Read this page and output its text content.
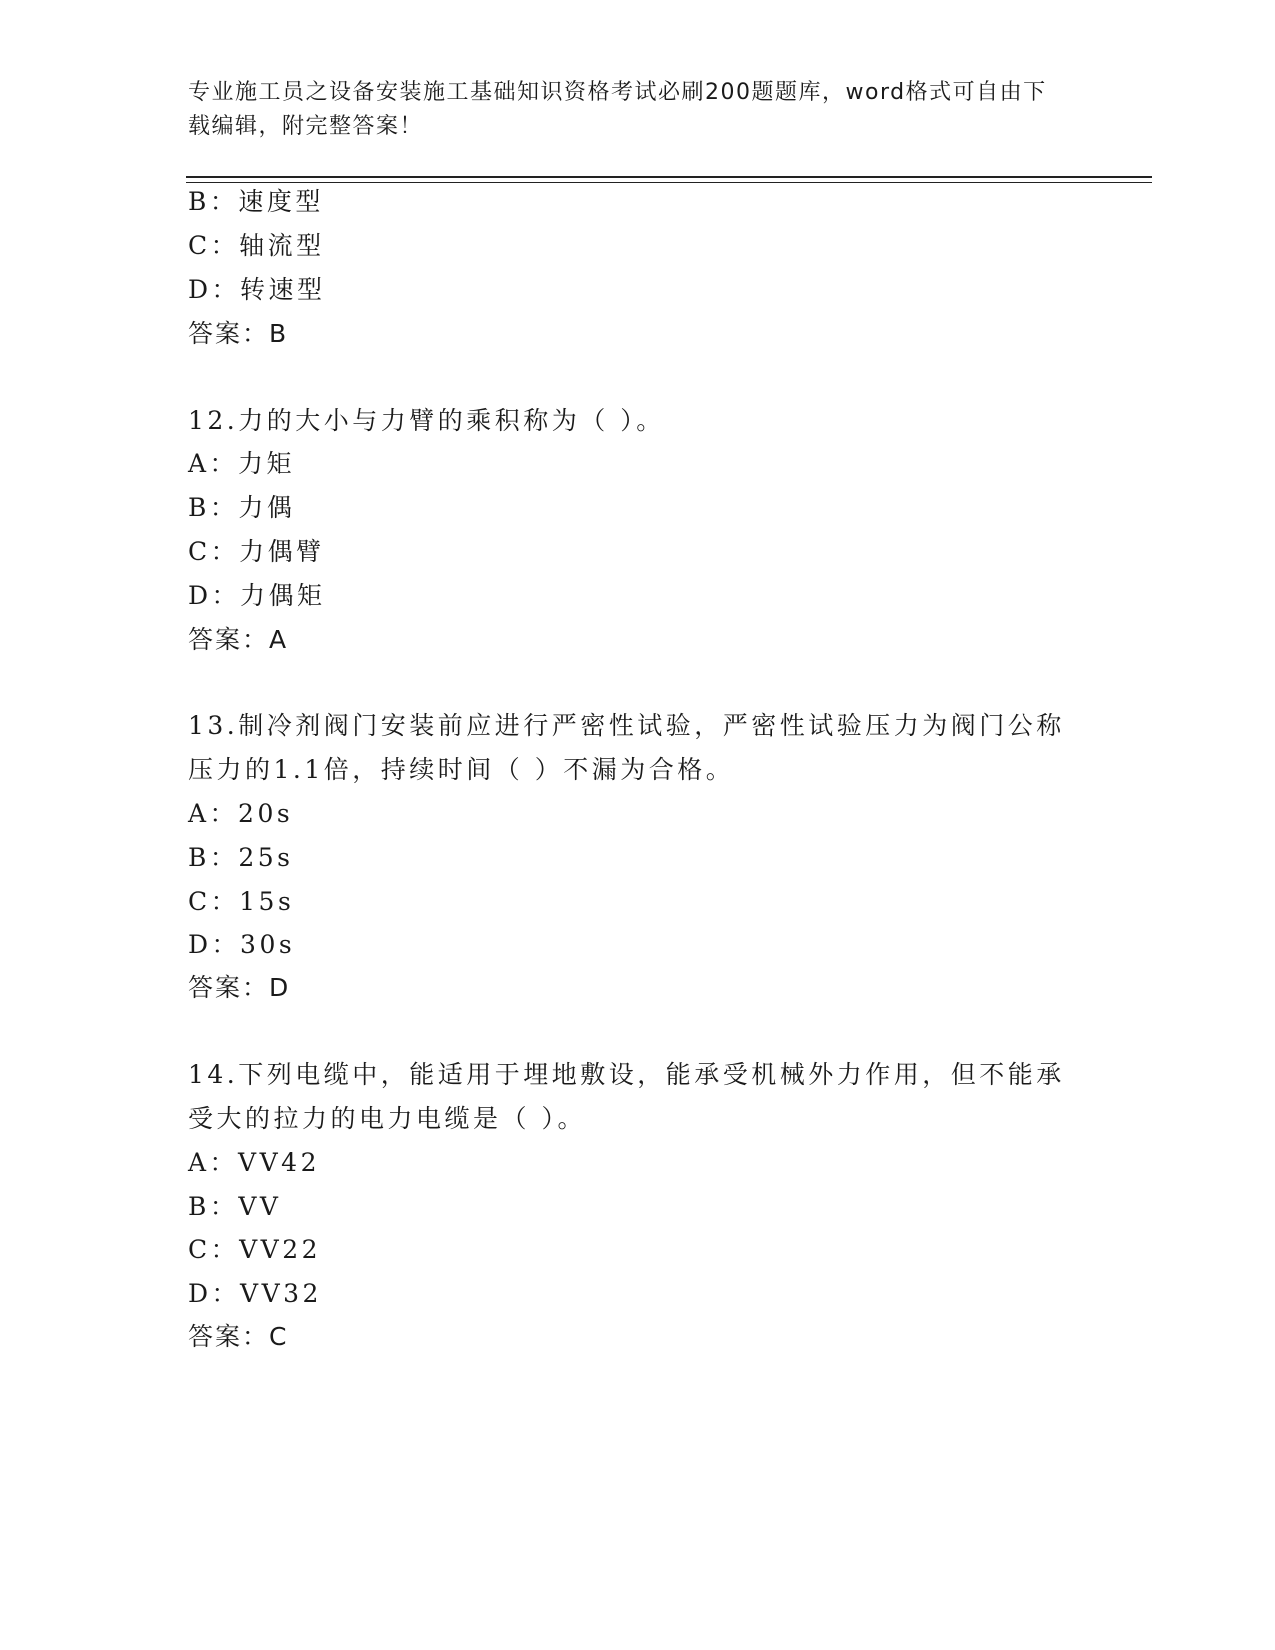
专业施工员之设备安装施工基础知识资格考试必刷200题题库，word格式可自由下载编辑，附完整答案！
B：速度型
C：轴流型
D：转速型
答案：B
12.力的大小与力臂的乘积称为（ ）。
A：力矩
B：力偶
C：力偶臂
D：力偶矩
答案：A
13.制冷剂阀门安装前应进行严密性试验，严密性试验压力为阀门公称
压力的1.1倍，持续时间（ ）不漏为合格。
A：20s
B：25s
C：15s
D：30s
答案：D
14.下列电缆中，能适用于埋地敷设，能承受机械外力作用，但不能承
受大的拉力的电力电缆是（ ）。
A：VV42
B：VV
C：VV22
D：VV32
答案：C
